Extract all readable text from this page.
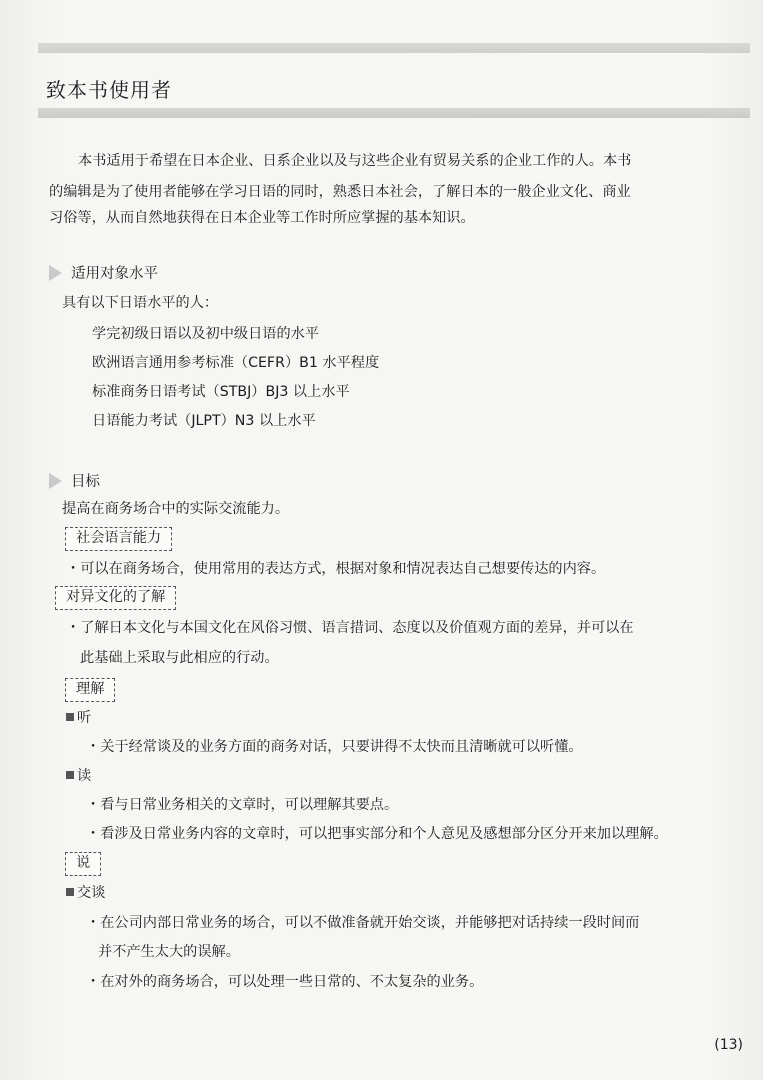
致本书使用者
本书适用于希望在日本企业、日系企业以及与这些企业有贸易关系的企业工作的人。本书
的编辑是为了使用者能够在学习日语的同时，熟悉日本社会，了解日本的一般企业文化、商业
习俗等，从而自然地获得在日本企业等工作时所应掌握的基本知识。
适用对象水平
具有以下日语水平的人：
学完初级日语以及初中级日语的水平
欧洲语言通用参考标准（CEFR）B1 水平程度
标准商务日语考试（STBJ）BJ3 以上水平
日语能力考试（JLPT）N3 以上水平
目标
提高在商务场合中的实际交流能力。
社会语言能力
・可以在商务场合，使用常用的表达方式，根据对象和情况表达自己想要传达的内容。
对异文化的了解
・了解日本文化与本国文化在风俗习惯、语言措词、态度以及价值观方面的差异，并可以在
此基础上采取与此相应的行动。
理解
听
・关于经常谈及的业务方面的商务对话，只要讲得不太快而且清晰就可以听懂。
读
・看与日常业务相关的文章时，可以理解其要点。
・看涉及日常业务内容的文章时，可以把事实部分和个人意见及感想部分区分开来加以理解。
说
交谈
・在公司内部日常业务的场合，可以不做准备就开始交谈，并能够把对话持续一段时间而
并不产生太大的误解。
・在对外的商务场合，可以处理一些日常的、不太复杂的业务。
(13)
